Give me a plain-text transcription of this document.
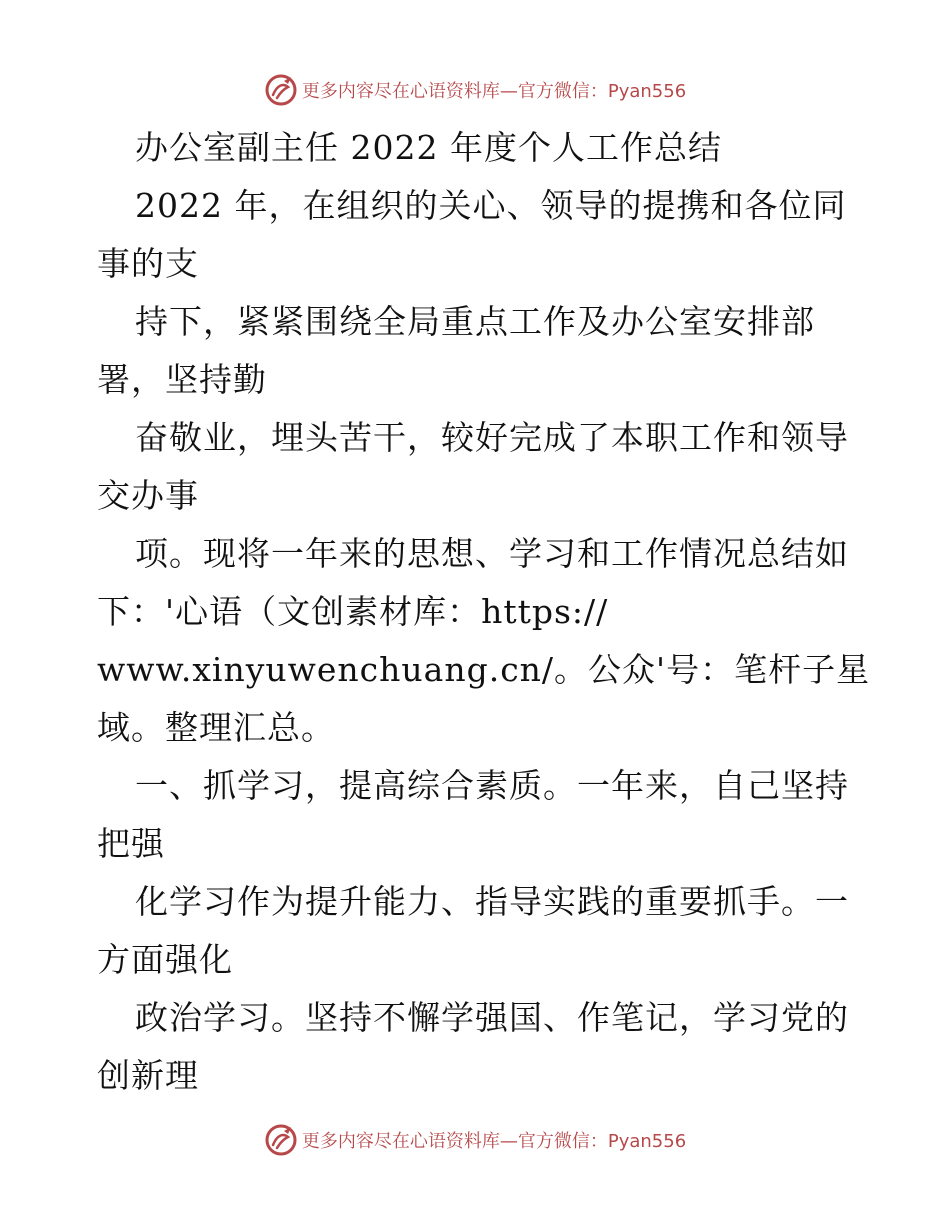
更多内容尽在心语资料库—官方微信：Pyan556
办公室副主任 2022 年度个人工作总结
2022 年，在组织的关心、领导的提携和各位同
事的支
持下，紧紧围绕全局重点工作及办公室安排部
署，坚持勤
奋敬业，埋头苦干，较好完成了本职工作和领导
交办事
项。现将一年来的思想、学习和工作情况总结如
下：'心语（文创素材库：https://
www.xinyuwenchuang.cn/。公众'号：笔杆子星
域。整理汇总。
一、抓学习，提高综合素质。一年来，自己坚持
把强
化学习作为提升能力、指导实践的重要抓手。一
方面强化
政治学习。坚持不懈学强国、作笔记，学习党的
创新理
更多内容尽在心语资料库—官方微信：Pyan556
